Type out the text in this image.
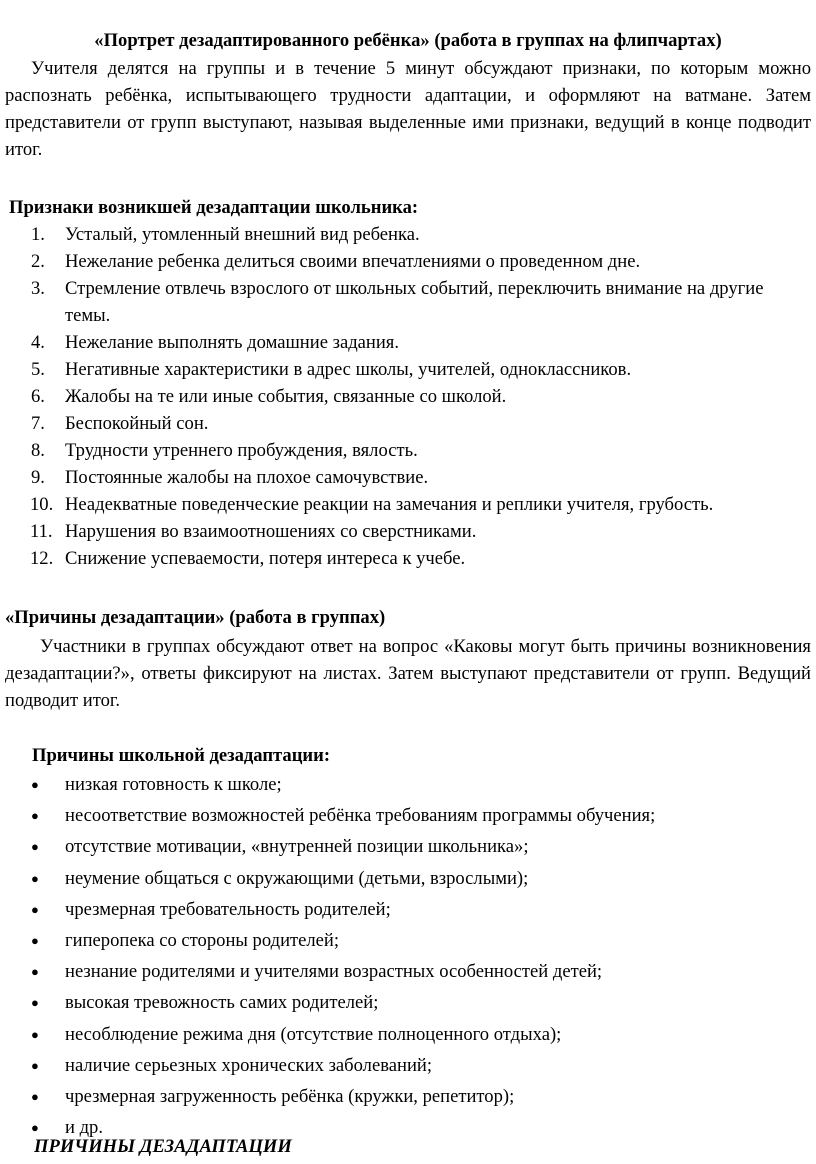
«Портрет дезадаптированного ребёнка» (работа в группах на флипчартах)
Учителя делятся на группы и в течение 5 минут обсуждают признаки, по которым можно распознать ребёнка, испытывающего трудности адаптации, и оформляют на ватмане. Затем представители от групп выступают, называя выделенные ими признаки, ведущий в конце подводит итог.
Признаки возникшей дезадаптации школьника:
1.	Усталый, утомленный внешний вид ребенка.
2.	Нежелание ребенка делиться своими впечатлениями о проведенном дне.
3.	Стремление отвлечь взрослого от школьных событий, переключить внимание на другие темы.
4.	Нежелание выполнять домашние задания.
5.	Негативные характеристики в адрес школы, учителей, одноклассников.
6.	Жалобы на те или иные события, связанные со школой.
7.	Беспокойный сон.
8.	Трудности утреннего пробуждения, вялость.
9.	Постоянные жалобы на плохое самочувствие.
10. Неадекватные поведенческие реакции на замечания и реплики учителя, грубость.
11. Нарушения во взаимоотношениях со сверстниками.
12. Снижение успеваемости, потеря интереса к учебе.
«Причины дезадаптации» (работа в группах)
Участники в группах обсуждают ответ на вопрос «Каковы могут быть причины возникновения дезадаптации?», ответы фиксируют на листах. Затем выступают представители от групп. Ведущий подводит итог.
Причины школьной дезадаптации:
● низкая готовность к школе;
● несоответствие возможностей ребёнка требованиям программы обучения;
● отсутствие мотивации, «внутренней позиции школьника»;
● неумение общаться с окружающими (детьми, взрослыми);
● чрезмерная требовательность родителей;
● гиперопека со стороны родителей;
● незнание родителями и учителями возрастных особенностей детей;
● высокая тревожность самих родителей;
● несоблюдение режима дня (отсутствие полноценного отдыха);
● наличие серьезных хронических заболеваний;
● чрезмерная загруженность ребёнка (кружки, репетитор);
● и др.
ПРИЧИНЫ ДЕЗАДАПТАЦИИ
